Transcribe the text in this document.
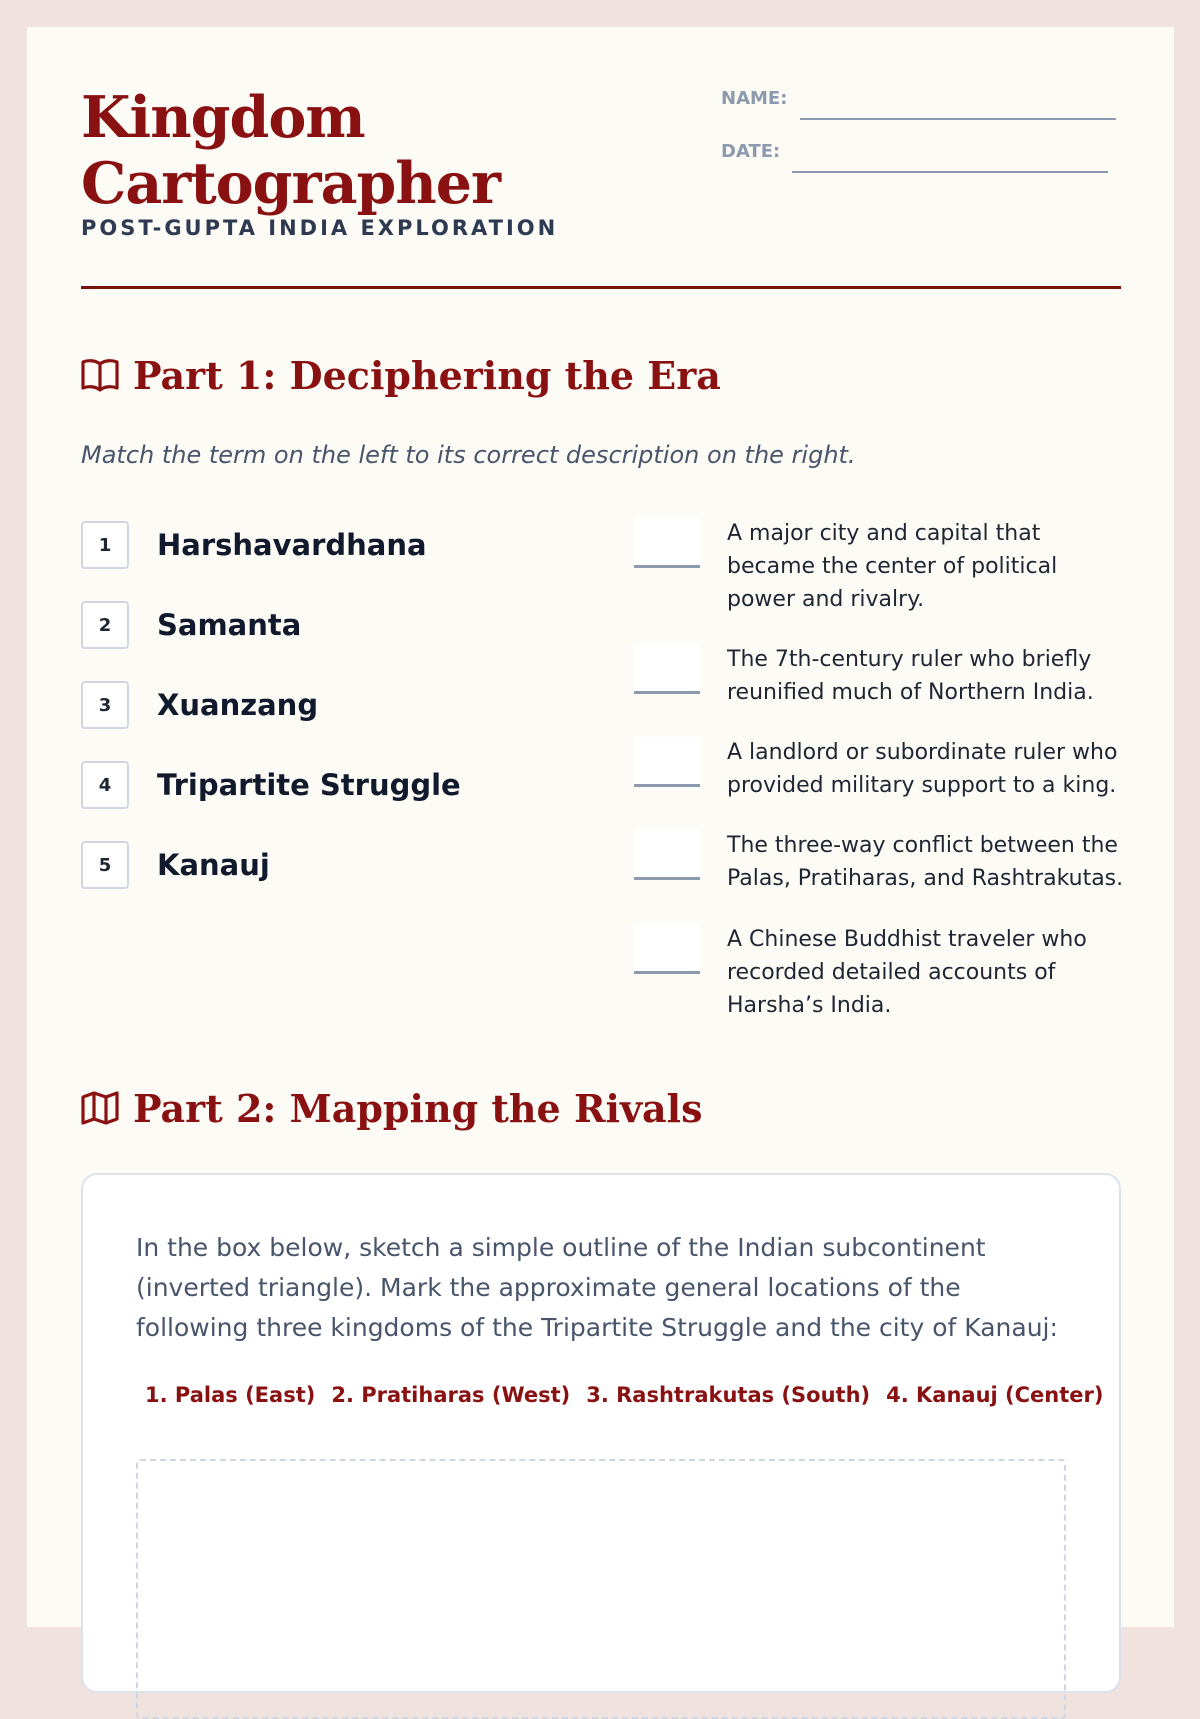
Kingdom
Cartographer
POST-GUPTA INDIA EXPLORATION
NAME:
DATE:
Part 1: Deciphering the Era
Match the term on the left to its correct description on the right.
1	Harshavardhana
2	Samanta
3	Xuanzang
4	Tripartite Struggle
5	Kanauj
A major city and capital that became the center of political power and rivalry.
The 7th-century ruler who briefly reunified much of Northern India.
A landlord or subordinate ruler who provided military support to a king.
The three-way conflict between the Palas, Pratiharas, and Rashtrakutas.
A Chinese Buddhist traveler who recorded detailed accounts of Harsha’s India.
Part 2: Mapping the Rivals
In the box below, sketch a simple outline of the Indian subcontinent (inverted triangle). Mark the approximate general locations of the following three kingdoms of the Tripartite Struggle and the city of Kanauj:
1. Palas (East) 2. Pratiharas (West) 3. Rashtrakutas (South) 4. Kanauj (Center)
